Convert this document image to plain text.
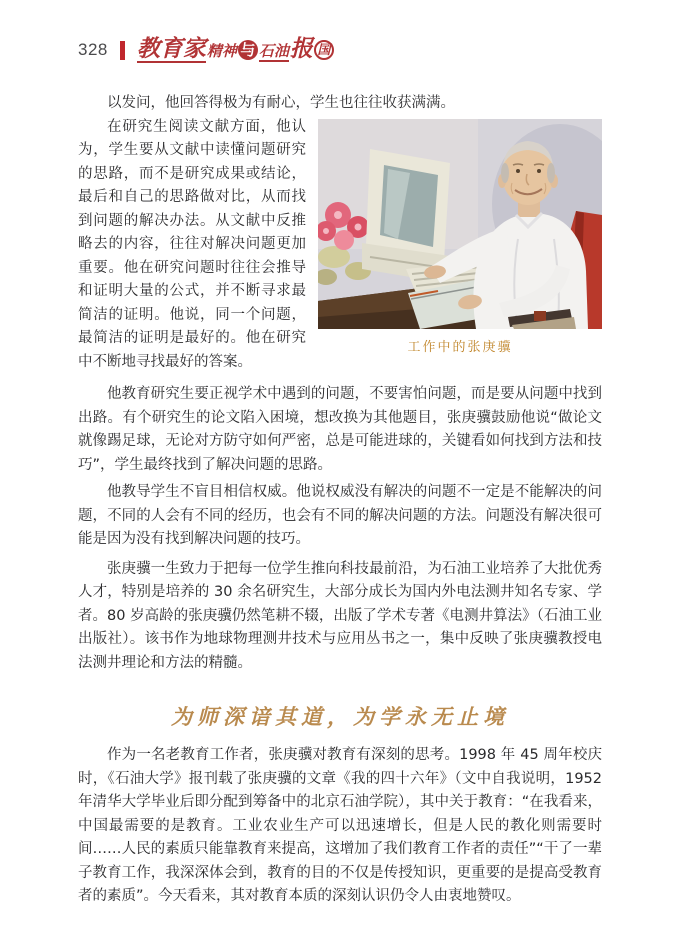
328 教育家 精神 与 石油 报 国

以发问，他回答得极为有耐心，学生也往往收获满满。

工作中的张庚骥

在研究生阅读文献方面，他认为，学生要从文献中读懂问题研究的思路，而不是研究成果或结论，最后和自己的思路做对比，从而找到问题的解决办法。从文献中反推略去的内容，往往对解决问题更加重要。他在研究问题时往往会推导和证明大量的公式，并不断寻求最简洁的证明。他说，同一个问题，最简洁的证明是最好的。他在研究中不断地寻找最好的答案。

他教育研究生要正视学术中遇到的问题，不要害怕问题，而是要从问题中找到出路。有个研究生的论文陷入困境，想改换为其他题目，张庚骥鼓励他说“做论文就像踢足球，无论对方防守如何严密，总是可能进球的，关键看如何找到方法和技巧”，学生最终找到了解决问题的思路。

他教导学生不盲目相信权威。他说权威没有解决的问题不一定是不能解决的问题，不同的人会有不同的经历，也会有不同的解决问题的方法。问题没有解决很可能是因为没有找到解决问题的技巧。

张庚骥一生致力于把每一位学生推向科技最前沿，为石油工业培养了大批优秀人才，特别是培养的 30 余名研究生，大部分成长为国内外电法测井知名专家、学者。80 岁高龄的张庚骥仍然笔耕不辍，出版了学术专著《电测井算法》（石油工业出版社）。该书作为地球物理测井技术与应用丛书之一，集中反映了张庚骥教授电法测井理论和方法的精髓。

为师深谙其道，为学永无止境

作为一名老教育工作者，张庚骥对教育有深刻的思考。1998 年 45 周年校庆时，《石油大学》报刊载了张庚骥的文章《我的四十六年》（文中自我说明，1952 年清华大学毕业后即分配到筹备中的北京石油学院），其中关于教育：“在我看来，中国最需要的是教育。工业农业生产可以迅速增长，但是人民的教化则需要时间……人民的素质只能靠教育来提高，这增加了我们教育工作者的责任”“干了一辈子教育工作，我深深体会到，教育的目的不仅是传授知识，更重要的是提高受教育者的素质”。今天看来，其对教育本质的深刻认识仍令人由衷地赞叹。
